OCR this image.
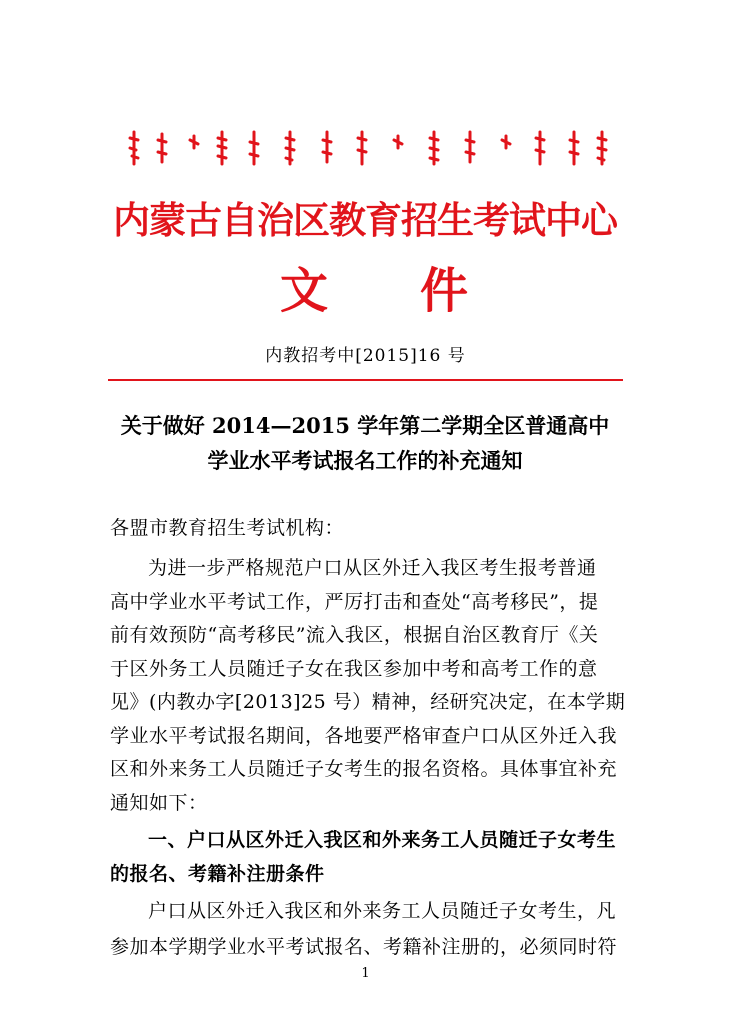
内蒙古自治区教育招生考试中心
文 件
内教招考中[2015]16 号
关于做好 2014—2015 学年第二学期全区普通高中
学业水平考试报名工作的补充通知
各盟市教育招生考试机构：
为进一步严格规范户口从区外迁入我区考生报考普通
高中学业水平考试工作，严厉打击和查处“高考移民”，提
前有效预防“高考移民”流入我区，根据自治区教育厅《关
于区外务工人员随迁子女在我区参加中考和高考工作的意
见》(内教办字[2013]25 号）精神，经研究决定，在本学期
学业水平考试报名期间，各地要严格审查户口从区外迁入我
区和外来务工人员随迁子女考生的报名资格。具体事宜补充
通知如下：
一、户口从区外迁入我区和外来务工人员随迁子女考生
的报名、考籍补注册条件
1
户口从区外迁入我区和外来务工人员随迁子女考生，凡
参加本学期学业水平考试报名、考籍补注册的，必须同时符
